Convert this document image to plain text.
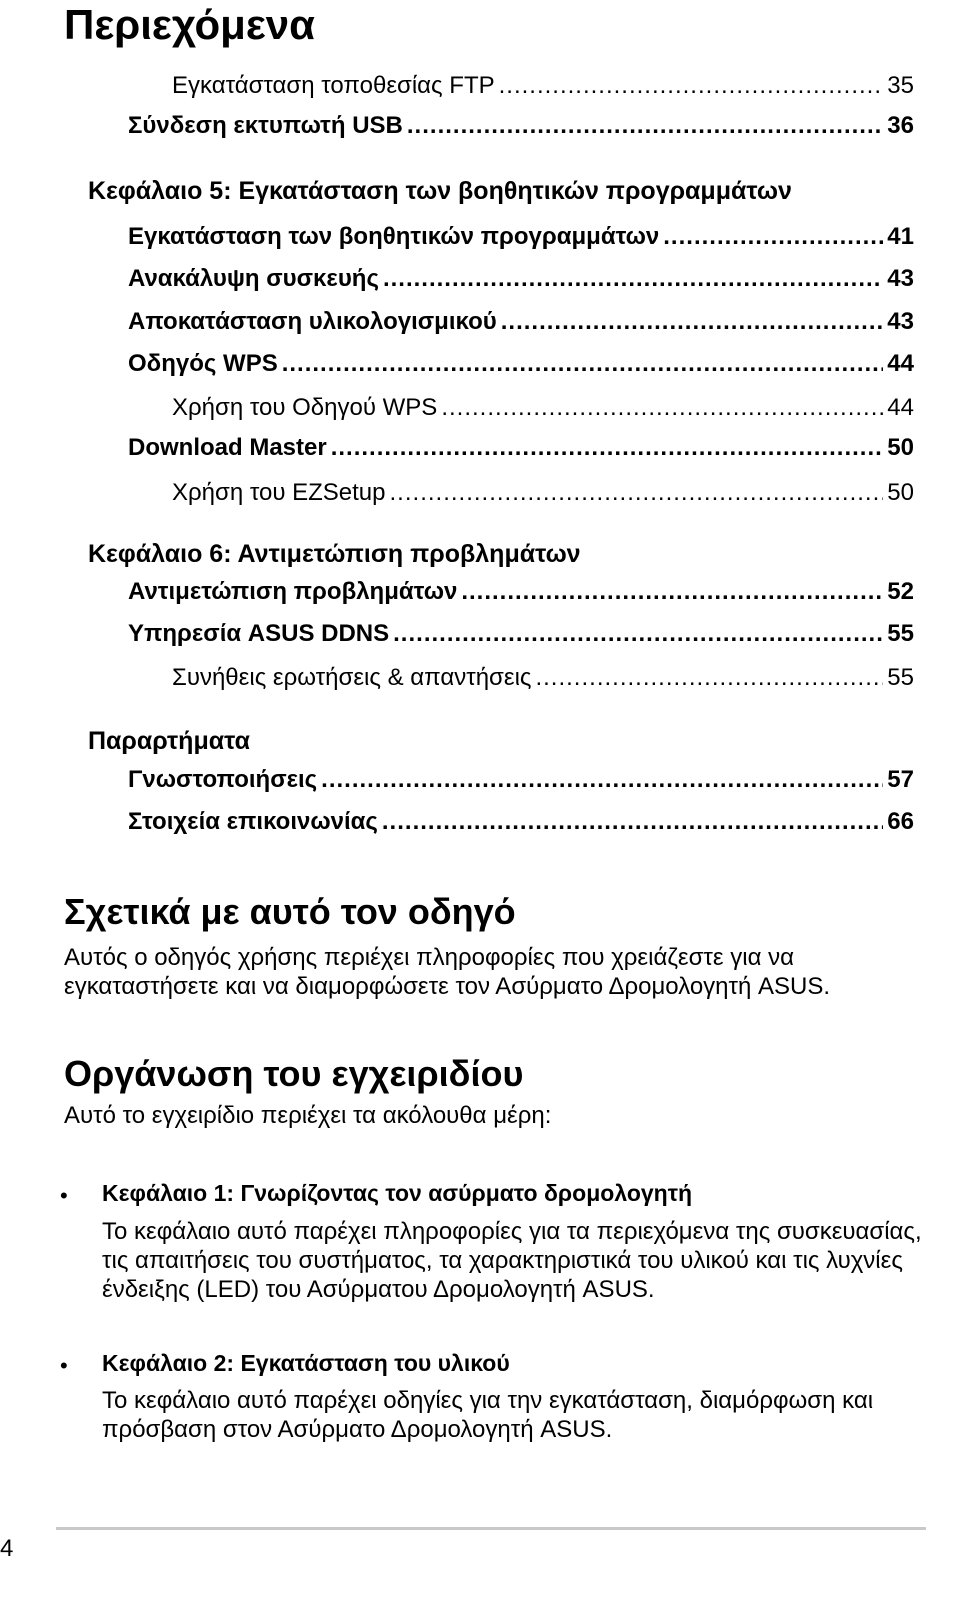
Περιεχόμενα
Εγκατάσταση τοποθεσίας FTP .....	35
Σύνδεση εκτυπωτή USB .....	36
Κεφάλαιο 5: Εγκατάσταση των βοηθητικών προγραμμάτων
Εγκατάσταση των βοηθητικών προγραμμάτων .....	41
Ανακάλυψη συσκευής .....	43
Αποκατάσταση υλικολογισμικού .....	43
Οδηγός WPS .....	44
Χρήση του Οδηγού WPS .....	44
Download Master .....	50
Χρήση του EZSetup .....	50
Κεφάλαιο 6: Αντιμετώπιση προβλημάτων
Αντιμετώπιση προβλημάτων .....	52
Υπηρεσία ASUS DDNS .....	55
Συνήθεις ερωτήσεις & απαντήσεις .....	55
Παραρτήματα
Γνωστοποιήσεις .....	57
Στοιχεία επικοινωνίας .....	66
Σχετικά με αυτό τον οδηγό

Αυτός ο οδηγός χρήσης περιέχει πληροφορίες που χρειάζεστε για να εγκαταστήσετε και να διαμορφώσετε τον Ασύρματο Δρομολογητή ASUS.

Οργάνωση του εγχειριδίου

Αυτό το εγχειρίδιο περιέχει τα ακόλουθα μέρη:

• Κεφάλαιο 1: Γνωρίζοντας τον ασύρματο δρομολογητή

Το κεφάλαιο αυτό παρέχει πληροφορίες για τα περιεχόμενα της συσκευασίας, τις απαιτήσεις του συστήματος, τα χαρακτηριστικά του υλικού και τις λυχνίες ένδειξης (LED) του Ασύρματου Δρομολογητή ASUS.

• Κεφάλαιο 2: Εγκατάσταση του υλικού

Το κεφάλαιο αυτό παρέχει οδηγίες για την εγκατάσταση, διαμόρφωση και πρόσβαση στον Ασύρματο Δρομολογητή ASUS.

4
